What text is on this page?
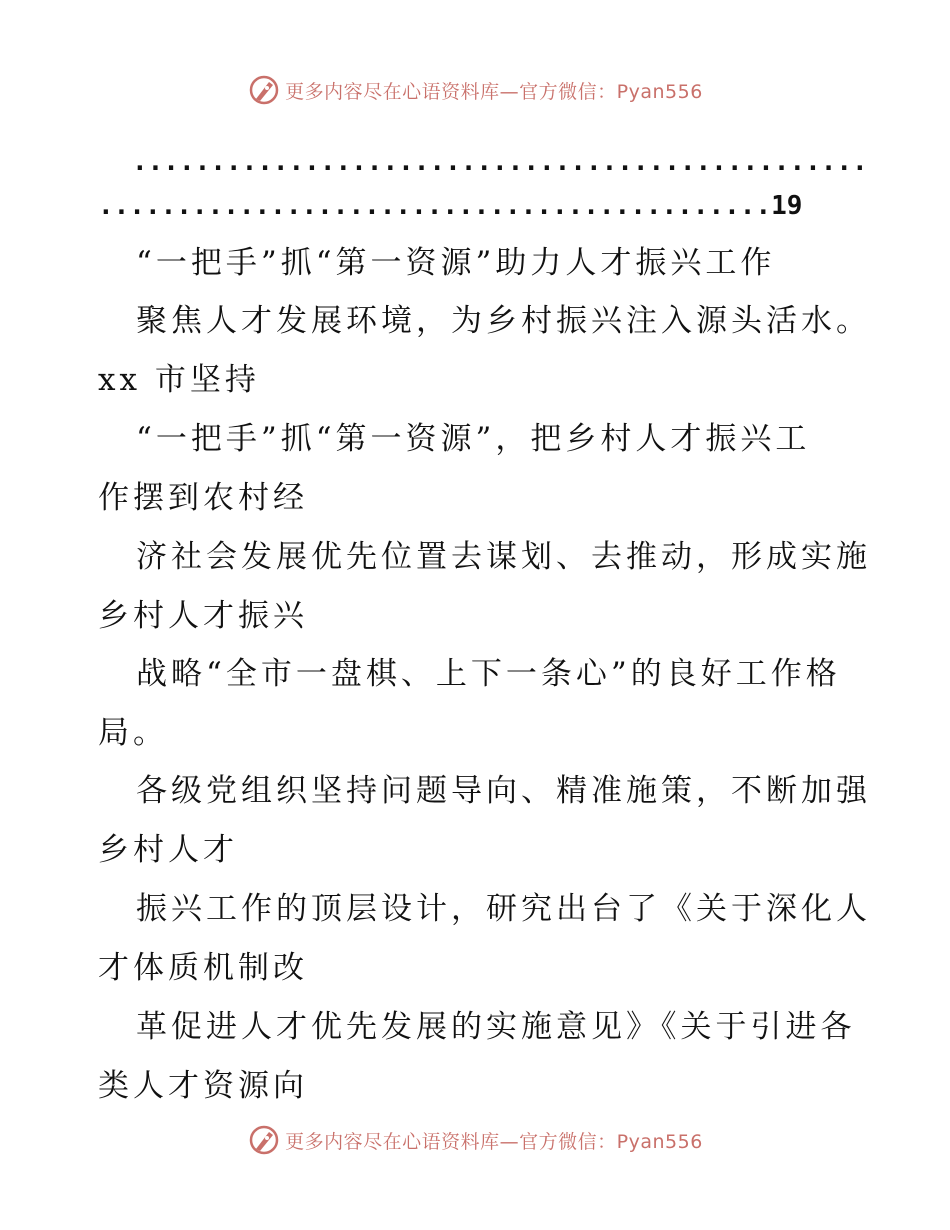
更多内容尽在心语资料库—官方微信：Pyan556
...............................................
...........................................19
“一把手”抓“第一资源”助力人才振兴工作
聚焦人才发展环境，为乡村振兴注入源头活水。
xx 市坚持
“一把手”抓“第一资源”，把乡村人才振兴工
作摆到农村经
济社会发展优先位置去谋划、去推动，形成实施
乡村人才振兴
战略“全市一盘棋、上下一条心”的良好工作格
局。
各级党组织坚持问题导向、精准施策，不断加强
乡村人才
振兴工作的顶层设计，研究出台了《关于深化人
才体质机制改
革促进人才优先发展的实施意见》《关于引进各
类人才资源向
更多内容尽在心语资料库—官方微信：Pyan556
